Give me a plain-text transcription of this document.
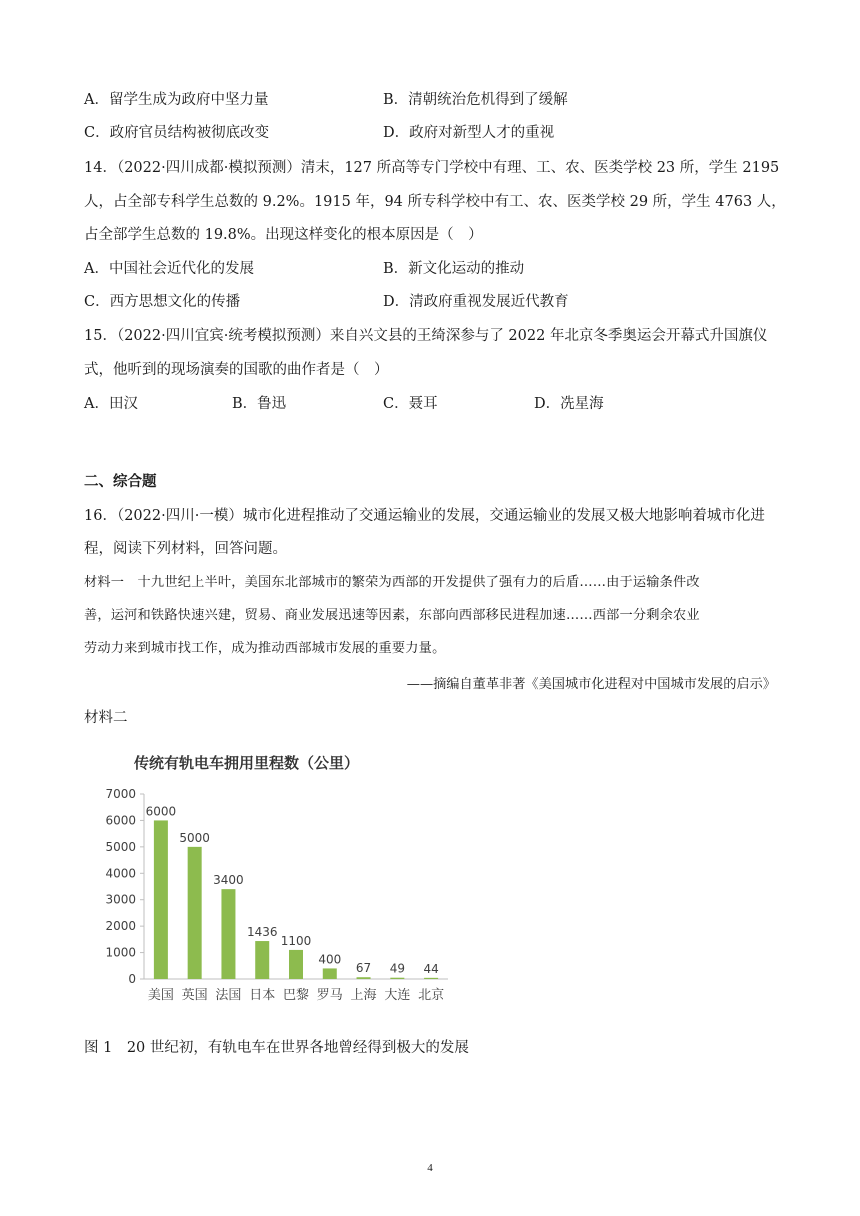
A．留学生成为政府中坚力量	B．清朝统治危机得到了缓解
C．政府官员结构被彻底改变	D．政府对新型人才的重视
14．（2022·四川成都·模拟预测）清末，127 所高等专门学校中有理、工、农、医类学校 23 所，学生 2195
人，占全部专科学生总数的 9.2%。1915 年，94 所专科学校中有工、农、医类学校 29 所，学生 4763 人，
占全部学生总数的 19.8%。出现这样变化的根本原因是（　）
A．中国社会近代化的发展	B．新文化运动的推动
C．西方思想文化的传播	D．清政府重视发展近代教育
15．（2022·四川宜宾·统考模拟预测）来自兴文县的王绮深参与了 2022 年北京冬季奥运会开幕式升国旗仪
式，他听到的现场演奏的国歌的曲作者是（　）
A．田汉	B．鲁迅	C．聂耳	D．冼星海
二、综合题
16．（2022·四川·一模）城市化进程推动了交通运输业的发展，交通运输业的发展又极大地影响着城市化进
程，阅读下列材料，回答问题。
材料一　十九世纪上半叶，美国东北部城市的繁荣为西部的开发提供了强有力的后盾……由于运输条件改
善，运河和铁路快速兴建，贸易、商业发展迅速等因素，东部向西部移民进程加速……西部一分剩余农业
劳动力来到城市找工作，成为推动西部城市发展的重要力量。
——摘编自董革非著《美国城市化进程对中国城市发展的启示》
材料二
传统有轨电车拥用里程数（公里）
0
1000
2000
3000
4000
5000
6000
7000
6000
美国
5000
英国
3400
法国
1436
日本
1100
巴黎
400
罗马
67
上海
49
大连
44
北京
图 1　20 世纪初，有轨电车在世界各地曾经得到极大的发展
4
